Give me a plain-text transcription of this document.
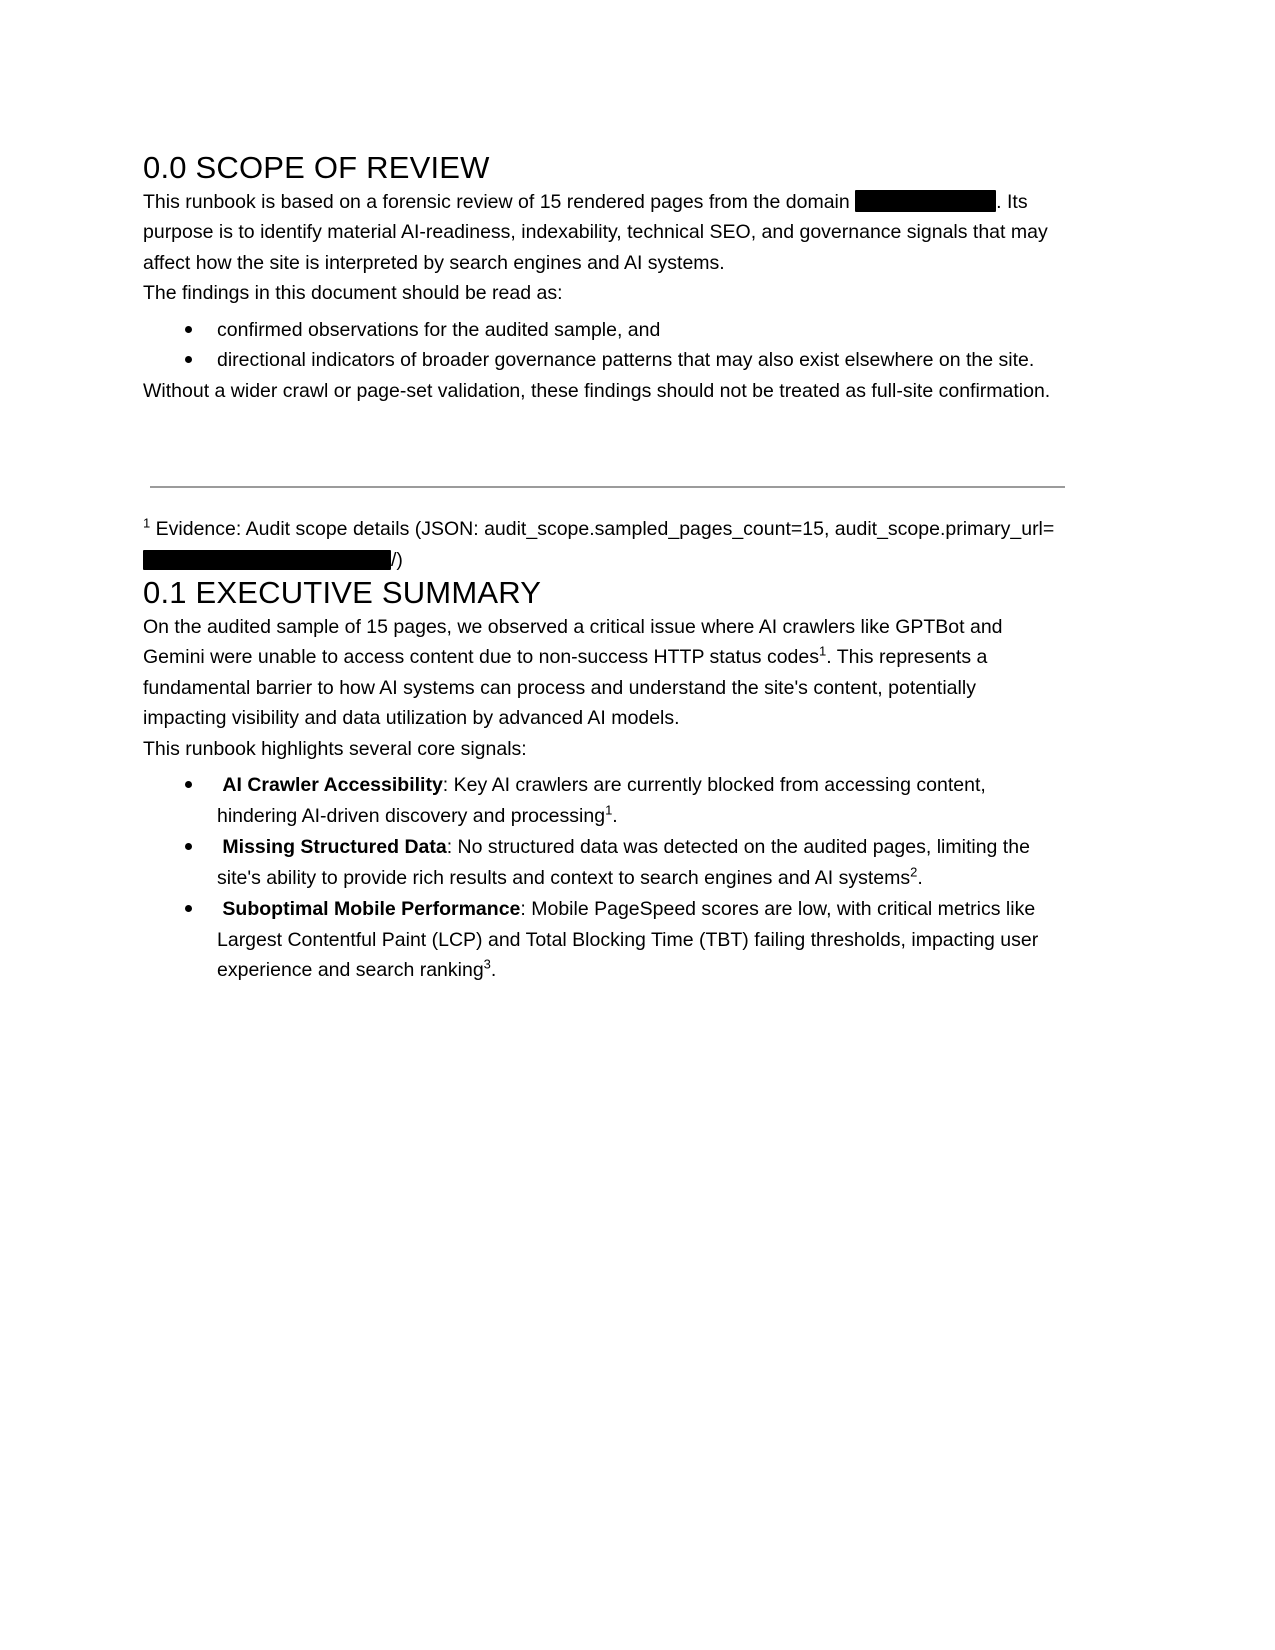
0.0 SCOPE OF REVIEW

This runbook is based on a forensic review of 15 rendered pages from the domain	. Its purpose is to identify material AI-readiness, indexability, technical SEO, and governance signals that may affect how the site is interpreted by search engines and AI systems.

The findings in this document should be read as:

confirmed observations for the audited sample, and
directional indicators of broader governance patterns that may also exist elsewhere on the site.

Without a wider crawl or page-set validation, these findings should not be treated as full-site confirmation.

$^1$ Evidence: Audit scope details (JSON: audit_scope.sampled_pages_count=15, audit_scope.primary_url=/)

0.1 EXECUTIVE SUMMARY

On the audited sample of 15 pages, we observed a critical issue where AI crawlers like GPTBot and Gemini were unable to access content due to non-success HTTP status codes$^1$. This represents a fundamental barrier to how AI systems can process and understand the site's content, potentially impacting visibility and data utilization by advanced AI models.

This runbook highlights several core signals:

AI Crawler Accessibility: Key AI crawlers are currently blocked from accessing content, hindering AI-driven discovery and processing$^1$.
Missing Structured Data: No structured data was detected on the audited pages, limiting the site's ability to provide rich results and context to search engines and AI systems$^2$.
Suboptimal Mobile Performance: Mobile PageSpeed scores are low, with critical metrics like Largest Contentful Paint (LCP) and Total Blocking Time (TBT) failing thresholds, impacting user experience and search ranking$^3$.
